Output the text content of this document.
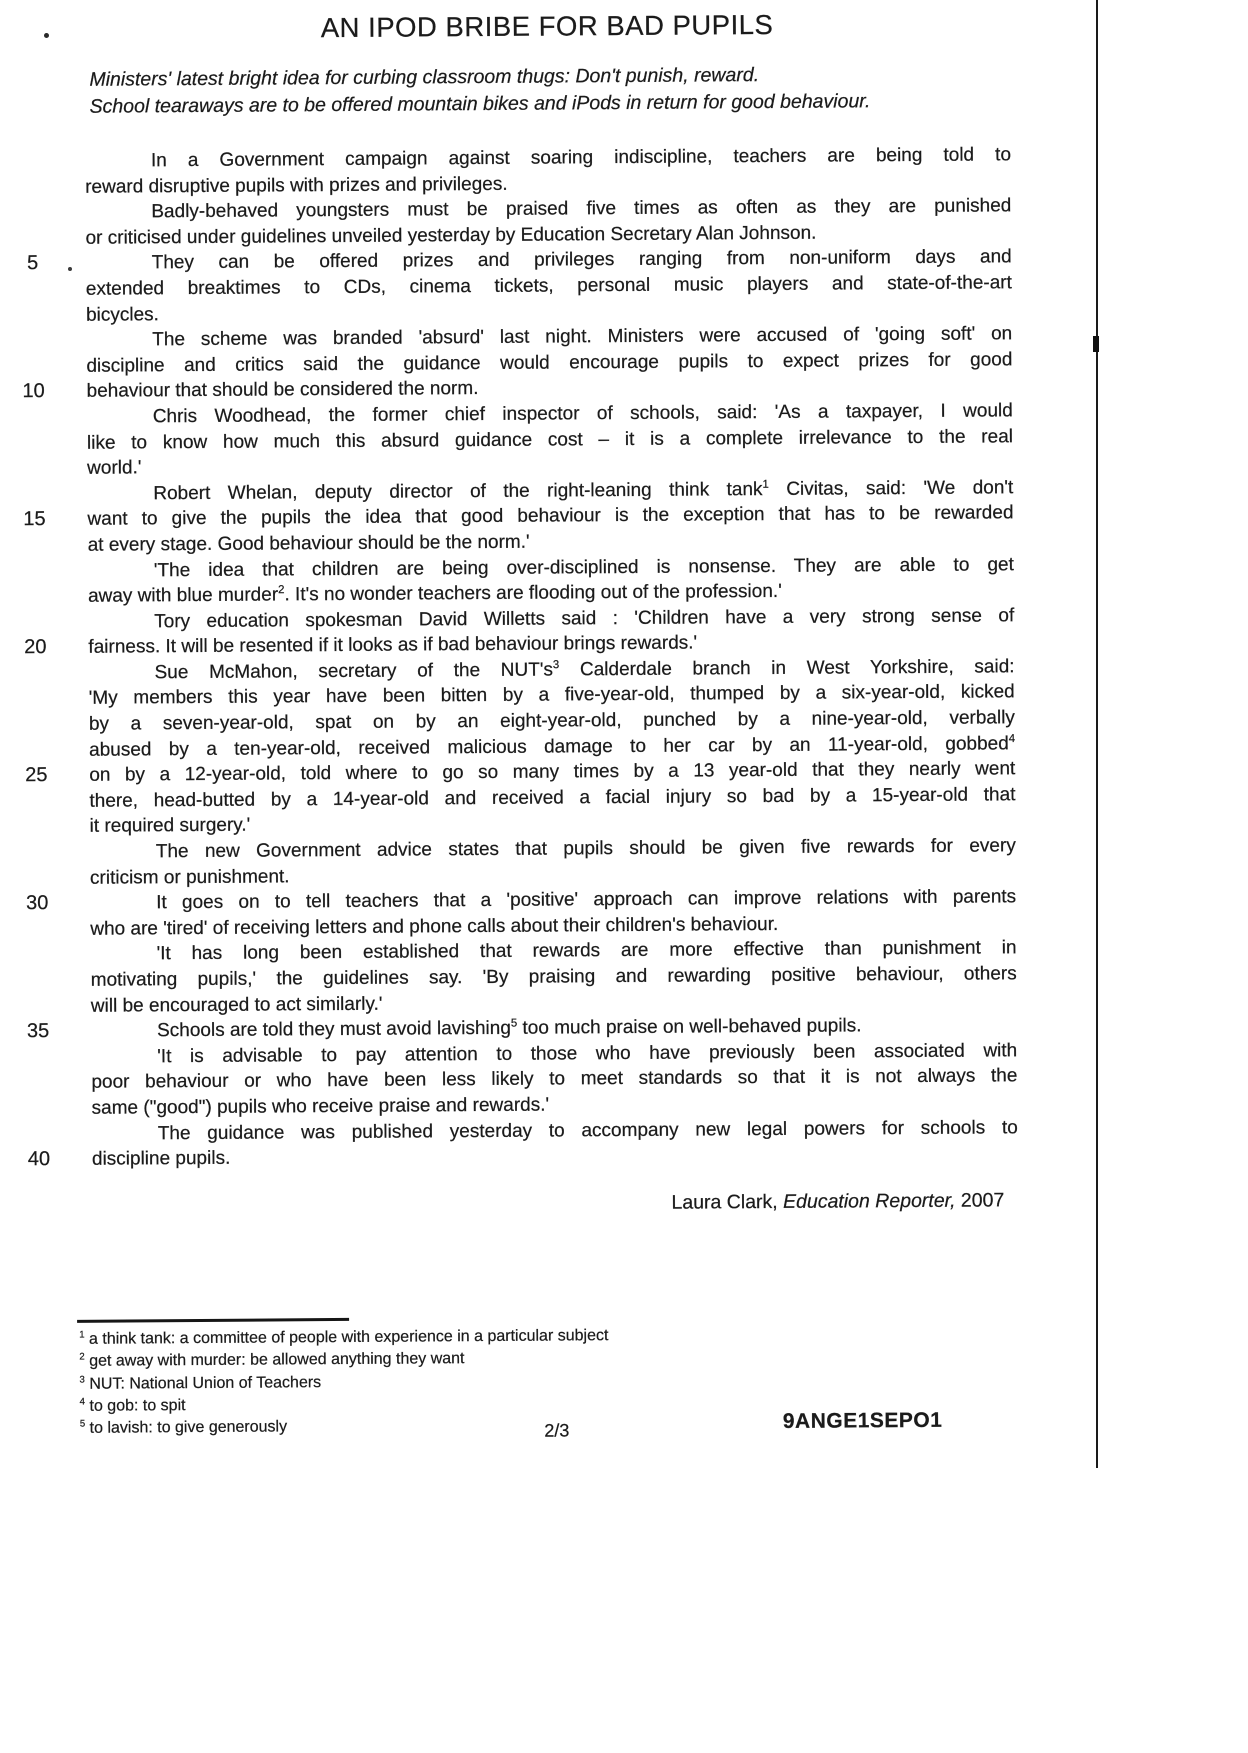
AN IPOD BRIBE FOR BAD PUPILS
Ministers' latest bright idea for curbing classroom thugs: Don't punish, reward.
School tearaways are to be offered mountain bikes and iPods in return for good behaviour.
5
10
15
20
25
30
35
40
In a Government campaign against soaring indiscipline, teachers are being told to
reward disruptive pupils with prizes and privileges.
Badly-behaved youngsters must be praised five times as often as they are punished
or criticised under guidelines unveiled yesterday by Education Secretary Alan Johnson.
They can be offered prizes and privileges ranging from non-uniform days and
extended breaktimes to CDs, cinema tickets, personal music players and state-of-the-art
bicycles.
The scheme was branded 'absurd' last night. Ministers were accused of 'going soft' on
discipline and critics said the guidance would encourage pupils to expect prizes for good
behaviour that should be considered the norm.
Chris Woodhead, the former chief inspector of schools, said: 'As a taxpayer, I would
like to know how much this absurd guidance cost – it is a complete irrelevance to the real
world.'
Robert Whelan, deputy director of the right-leaning think tank$^1$ Civitas, said: 'We don't
want to give the pupils the idea that good behaviour is the exception that has to be rewarded
at every stage. Good behaviour should be the norm.'
'The idea that children are being over-disciplined is nonsense. They are able to get
away with blue murder$^2$. It's no wonder teachers are flooding out of the profession.'
Tory education spokesman David Willetts said : 'Children have a very strong sense of
fairness. It will be resented if it looks as if bad behaviour brings rewards.'
Sue McMahon, secretary of the $NUT's^3$ Calderdale branch in West Yorkshire, said:
'My members this year have been bitten by a five-year-old, thumped by a six-year-old, kicked
by a seven-year-old, spat on by an eight-year-old, punched by a nine-year-old, verbally
abused by a ten-year-old, received malicious damage to her car by an 11-year-old, gobbed$^4$
on by a 12-year-old, told where to go so many times by a 13 year-old that they nearly went
there, head-butted by a 14-year-old and received a facial injury so bad by a 15-year-old that
it required surgery.'
The new Government advice states that pupils should be given five rewards for every
criticism or punishment.
It goes on to tell teachers that a 'positive' approach can improve relations with parents
who are 'tired' of receiving letters and phone calls about their children's behaviour.
'It has long been established that rewards are more effective than punishment in
motivating pupils,' the guidelines say. 'By praising and rewarding positive behaviour, others
will be encouraged to act similarly.'
Schools are told they must avoid lavishing$^5$ too much praise on well-behaved pupils.
'It is advisable to pay attention to those who have previously been associated with
poor behaviour or who have been less likely to meet standards so that it is not always the
same ("good") pupils who receive praise and rewards.'
The guidance was published yesterday to accompany new legal powers for schools to
discipline pupils.
Laura Clark, Education Reporter, 2007
$^1$ a think tank: a committee of people with experience in a particular subject
$^2$ get away with murder: be allowed anything they want
$^3$ NUT: National Union of Teachers
$^4$ to gob: to spit
$^5$ to lavish: to give generously	2/3	9ANGE1SEPO1
